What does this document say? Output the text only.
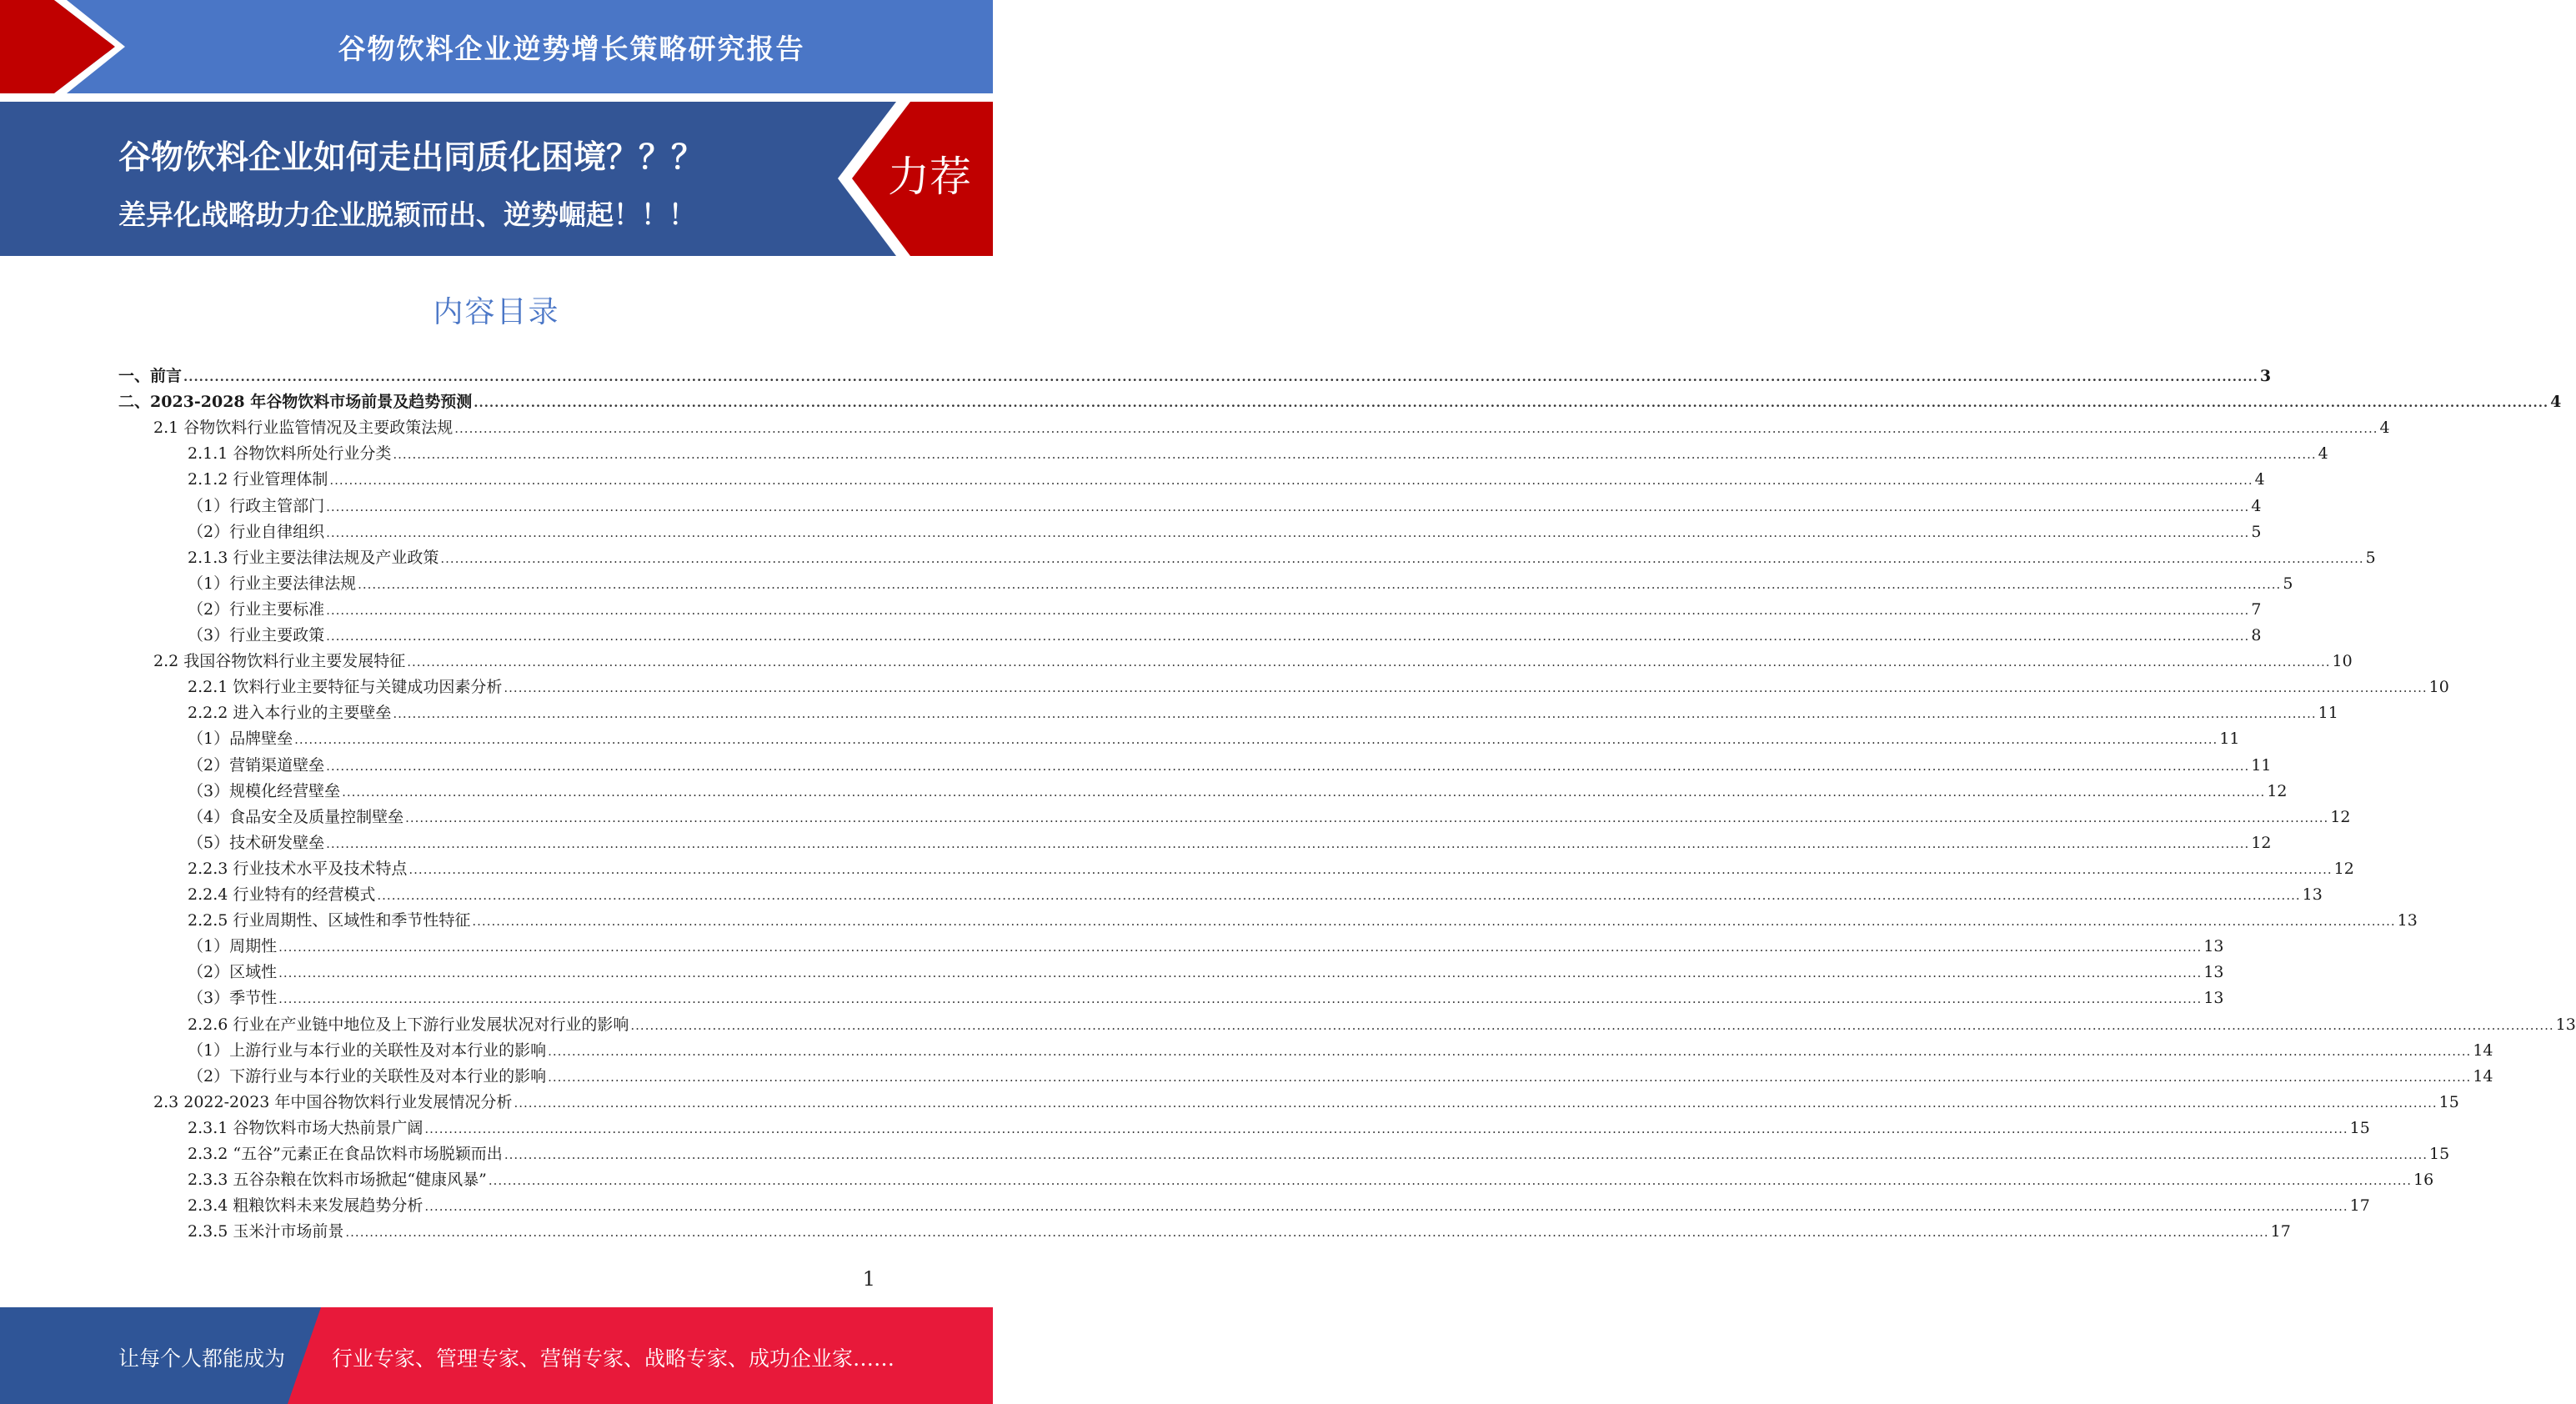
谷物饮料企业逆势增长策略研究报告
谷物饮料企业如何走出同质化困境？？？
差异化战略助力企业脱颖而出、逆势崛起！！！
力荐
内容目录
一、前言 ................................................................................................................................................................................................................................................................................................................................................................................................................ 3
二、2023-2028 年谷物饮料市场前景及趋势预测 ................................................................................................................................................................................................................................................................................................................................................................................................................ 4
2.1 谷物饮料行业监管情况及主要政策法规 ................................................................................................................................................................................................................................................................................................................................................................................................................ 4
2.1.1 谷物饮料所处行业分类 ................................................................................................................................................................................................................................................................................................................................................................................................................ 4
2.1.2 行业管理体制 ................................................................................................................................................................................................................................................................................................................................................................................................................ 4
（1）行政主管部门 ................................................................................................................................................................................................................................................................................................................................................................................................................ 4
（2）行业自律组织 ................................................................................................................................................................................................................................................................................................................................................................................................................ 5
2.1.3 行业主要法律法规及产业政策 ................................................................................................................................................................................................................................................................................................................................................................................................................ 5
（1）行业主要法律法规 ................................................................................................................................................................................................................................................................................................................................................................................................................ 5
（2）行业主要标准 ................................................................................................................................................................................................................................................................................................................................................................................................................ 7
（3）行业主要政策 ................................................................................................................................................................................................................................................................................................................................................................................................................ 8
2.2 我国谷物饮料行业主要发展特征 ................................................................................................................................................................................................................................................................................................................................................................................................................ 10
2.2.1 饮料行业主要特征与关键成功因素分析 ................................................................................................................................................................................................................................................................................................................................................................................................................ 10
2.2.2 进入本行业的主要壁垒 ................................................................................................................................................................................................................................................................................................................................................................................................................ 11
（1）品牌壁垒 ................................................................................................................................................................................................................................................................................................................................................................................................................ 11
（2）营销渠道壁垒 ................................................................................................................................................................................................................................................................................................................................................................................................................ 11
（3）规模化经营壁垒 ................................................................................................................................................................................................................................................................................................................................................................................................................ 12
（4）食品安全及质量控制壁垒 ................................................................................................................................................................................................................................................................................................................................................................................................................ 12
（5）技术研发壁垒 ................................................................................................................................................................................................................................................................................................................................................................................................................ 12
2.2.3 行业技术水平及技术特点 ................................................................................................................................................................................................................................................................................................................................................................................................................ 12
2.2.4 行业特有的经营模式 ................................................................................................................................................................................................................................................................................................................................................................................................................ 13
2.2.5 行业周期性、区域性和季节性特征 ................................................................................................................................................................................................................................................................................................................................................................................................................ 13
（1）周期性 ................................................................................................................................................................................................................................................................................................................................................................................................................ 13
（2）区域性 ................................................................................................................................................................................................................................................................................................................................................................................................................ 13
（3）季节性 ................................................................................................................................................................................................................................................................................................................................................................................................................ 13
2.2.6 行业在产业链中地位及上下游行业发展状况对行业的影响 ................................................................................................................................................................................................................................................................................................................................................................................................................ 13
（1）上游行业与本行业的关联性及对本行业的影响 ................................................................................................................................................................................................................................................................................................................................................................................................................ 14
（2）下游行业与本行业的关联性及对本行业的影响 ................................................................................................................................................................................................................................................................................................................................................................................................................ 14
2.3 2022-2023 年中国谷物饮料行业发展情况分析 ................................................................................................................................................................................................................................................................................................................................................................................................................ 15
2.3.1 谷物饮料市场大热前景广阔 ................................................................................................................................................................................................................................................................................................................................................................................................................ 15
2.3.2 “五谷”元素正在食品饮料市场脱颖而出 ................................................................................................................................................................................................................................................................................................................................................................................................................ 15
2.3.3 五谷杂粮在饮料市场掀起“健康风暴” ................................................................................................................................................................................................................................................................................................................................................................................................................ 16
2.3.4 粗粮饮料未来发展趋势分析 ................................................................................................................................................................................................................................................................................................................................................................................................................ 17
2.3.5 玉米汁市场前景 ................................................................................................................................................................................................................................................................................................................................................................................................................ 17
1
让每个人都能成为 行业专家、管理专家、营销专家、战略专家、成功企业家……
